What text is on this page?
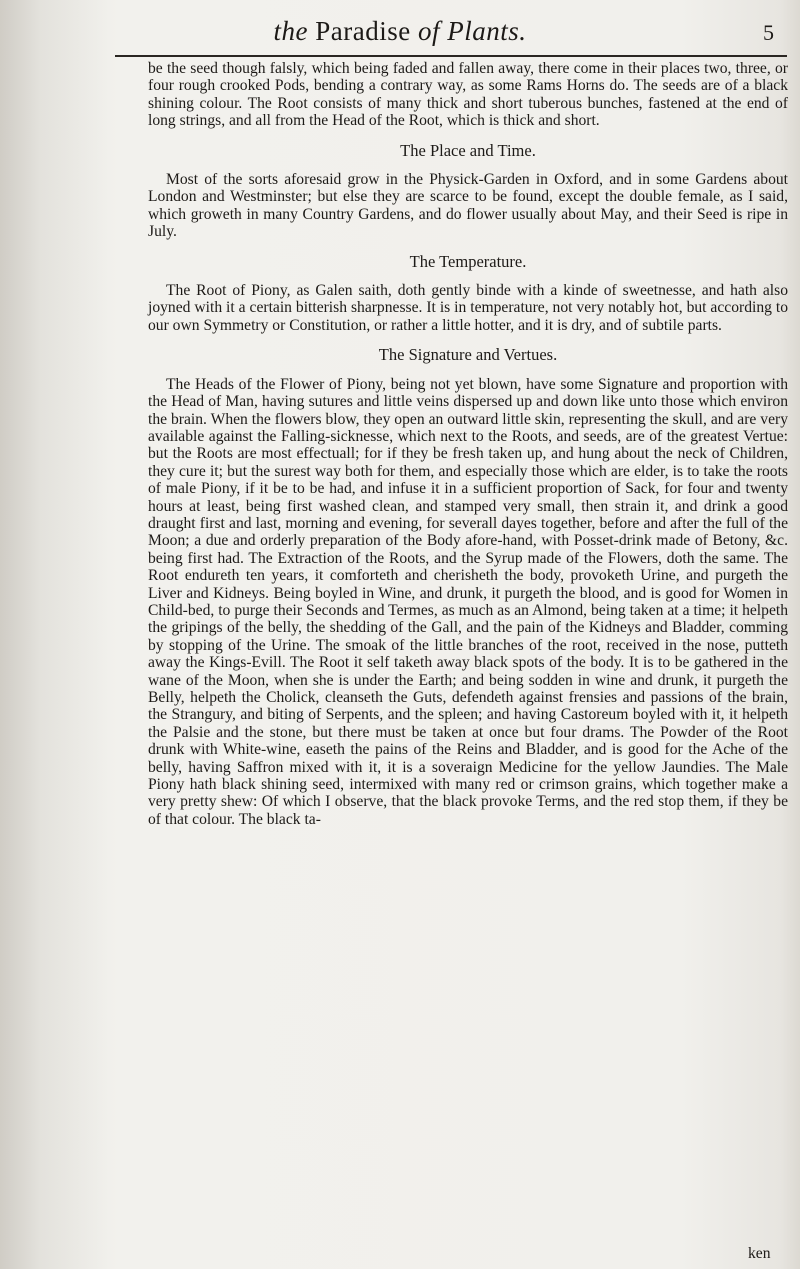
the Paradise of Plants.	5

be the seed though falsly, which being faded and fallen away, there come in their places two, three, or four rough crooked Pods, bending a contrary way, as some Rams Horns do. The seeds are of a black shining colour. The Root consists of many thick and short tuberous bunches, fastened at the end of long strings, and all from the Head of the Root, which is thick and short.

The Place and Time.

Most of the sorts aforesaid grow in the Physick-Garden in Oxford, and in some Gardens about London and Westminster; but else they are scarce to be found, except the double female, as I said, which groweth in many Country Gardens, and do flower usually about May, and their Seed is ripe in July.

The Temperature.

The Root of Piony, as Galen saith, doth gently binde with a kinde of sweetnesse, and hath also joyned with it a certain bitterish sharpnesse. It is in temperature, not very notably hot, but according to our own Symmetry or Constitution, or rather a little hotter, and it is dry, and of subtile parts.

The Signature and Vertues.

The Heads of the Flower of Piony, being not yet blown, have some Signature and proportion with the Head of Man, having sutures and little veins dispersed up and down like unto those which environ the brain. When the flowers blow, they open an outward little skin, representing the skull, and are very available against the Falling-sicknesse, which next to the Roots, and seeds, are of the greatest Vertue: but the Roots are most effectuall; for if they be fresh taken up, and hung about the neck of Children, they cure it; but the surest way both for them, and especially those which are elder, is to take the roots of male Piony, if it be to be had, and infuse it in a sufficient proportion of Sack, for four and twenty hours at least, being first washed clean, and stamped very small, then strain it, and drink a good draught first and last, morning and evening, for severall dayes together, before and after the full of the Moon; a due and orderly preparation of the Body afore-hand, with Posset-drink made of Betony, &c. being first had. The Extraction of the Roots, and the Syrup made of the Flowers, doth the same. The Root endureth ten years, it comforteth and cherisheth the body, provoketh Urine, and purgeth the Liver and Kidneys. Being boyled in Wine, and drunk, it purgeth the blood, and is good for Women in Child-bed, to purge their Seconds and Termes, as much as an Almond, being taken at a time; it helpeth the gripings of the belly, the shedding of the Gall, and the pain of the Kidneys and Bladder, comming by stopping of the Urine. The smoak of the little branches of the root, received in the nose, putteth away the Kings-Evill. The Root it self taketh away black spots of the body. It is to be gathered in the wane of the Moon, when she is under the Earth; and being sodden in wine and drunk, it purgeth the Belly, helpeth the Cholick, cleanseth the Guts, defendeth against frensies and passions of the brain, the Strangury, and biting of Serpents, and the spleen; and having Castoreum boyled with it, it helpeth the Palsie and the stone, but there must be taken at once but four drams. The Powder of the Root drunk with White-wine, easeth the pains of the Reins and Bladder, and is good for the Ache of the belly, having Saffron mixed with it, it is a soveraign Medicine for the yellow Jaundies. The Male Piony hath black shining seed, intermixed with many red or crimson grains, which together make a very pretty shew: Of which I observe, that the black provoke Terms, and the red stop them, if they be of that colour. The black ta-

ken
